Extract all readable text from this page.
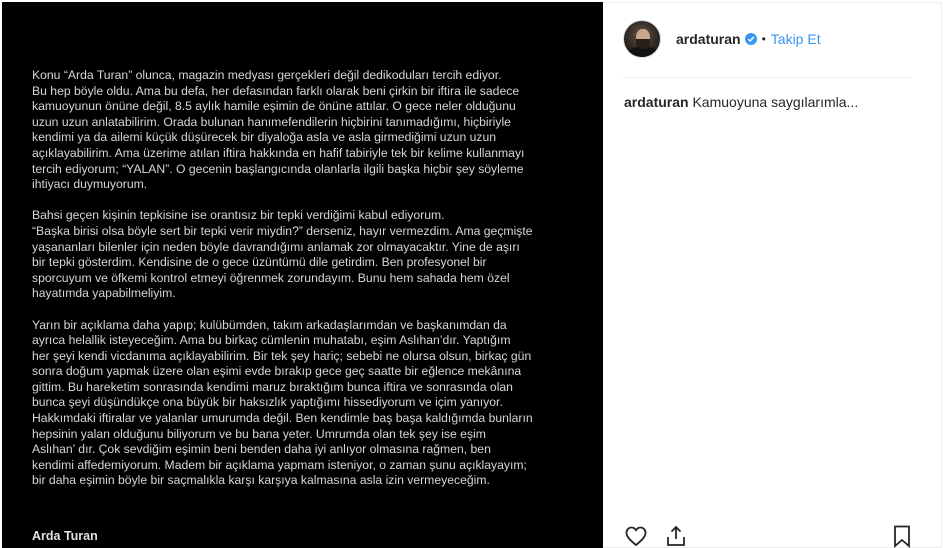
Konu “Arda Turan” olunca, magazin medyası gerçekleri değil dedikoduları tercih ediyor.
Bu hep böyle oldu. Ama bu defa, her defasından farklı olarak beni çirkin bir iftira ile sadece
kamuoyunun önüne değil, 8.5 aylık hamile eşimin de önüne attılar. O gece neler olduğunu
uzun uzun anlatabilirim. Orada bulunan hanımefendilerin hiçbirini tanımadığımı, hiçbiriyle
kendimi ya da ailemi küçük düşürecek bir diyaloğa asla ve asla girmediğimi uzun uzun
açıklayabilirim. Ama üzerime atılan iftira hakkında en hafif tabiriyle tek bir kelime kullanmayı
tercih ediyorum; “YALAN”. O gecenin başlangıcında olanlarla ilgili başka hiçbir şey söyleme
ihtiyacı duymuyorum.

Bahsi geçen kişinin tepkisine ise orantısız bir tepki verdiğimi kabul ediyorum.
“Başka birisi olsa böyle sert bir tepki verir miydin?” derseniz, hayır vermezdim. Ama geçmişte
yaşananları bilenler için neden böyle davrandığımı anlamak zor olmayacaktır. Yine de aşırı
bir tepki gösterdim. Kendisine de o gece üzüntümü dile getirdim. Ben profesyonel bir
sporcuyum ve öfkemi kontrol etmeyi öğrenmek zorundayım. Bunu hem sahada hem özel
hayatımda yapabilmeliyim.

Yarın bir açıklama daha yapıp; kulübümden, takım arkadaşlarımdan ve başkanımdan da
ayrıca helallik isteyeceğim. Ama bu birkaç cümlenin muhatabı, eşim Aslıhan’dır. Yaptığım
her şeyi kendi vicdanıma açıklayabilirim. Bir tek şey hariç; sebebi ne olursa olsun, birkaç gün
sonra doğum yapmak üzere olan eşimi evde bırakıp gece geç saatte bir eğlence mekânına
gittim. Bu hareketim sonrasında kendimi maruz bıraktığım bunca iftira ve sonrasında olan
bunca şeyi düşündükçe ona büyük bir haksızlık yaptığımı hissediyorum ve içim yanıyor.
Hakkımdaki iftiralar ve yalanlar umurumda değil. Ben kendimle baş başa kaldığımda bunların
hepsinin yalan olduğunu biliyorum ve bu bana yeter. Umrumda olan tek şey ise eşim
Aslıhan’ dır. Çok sevdiğim eşimin beni benden daha iyi anlıyor olmasına rağmen, ben
kendimi affedemiyorum. Madem bir açıklama yapmam isteniyor, o zaman şunu açıklayayım;
bir daha eşimin böyle bir saçmalıkla karşı karşıya kalmasına asla izin vermeyeceğim.

Arda Turan
ardaturan • Takip Et
ardaturan Kamuoyuna saygılarımla...
